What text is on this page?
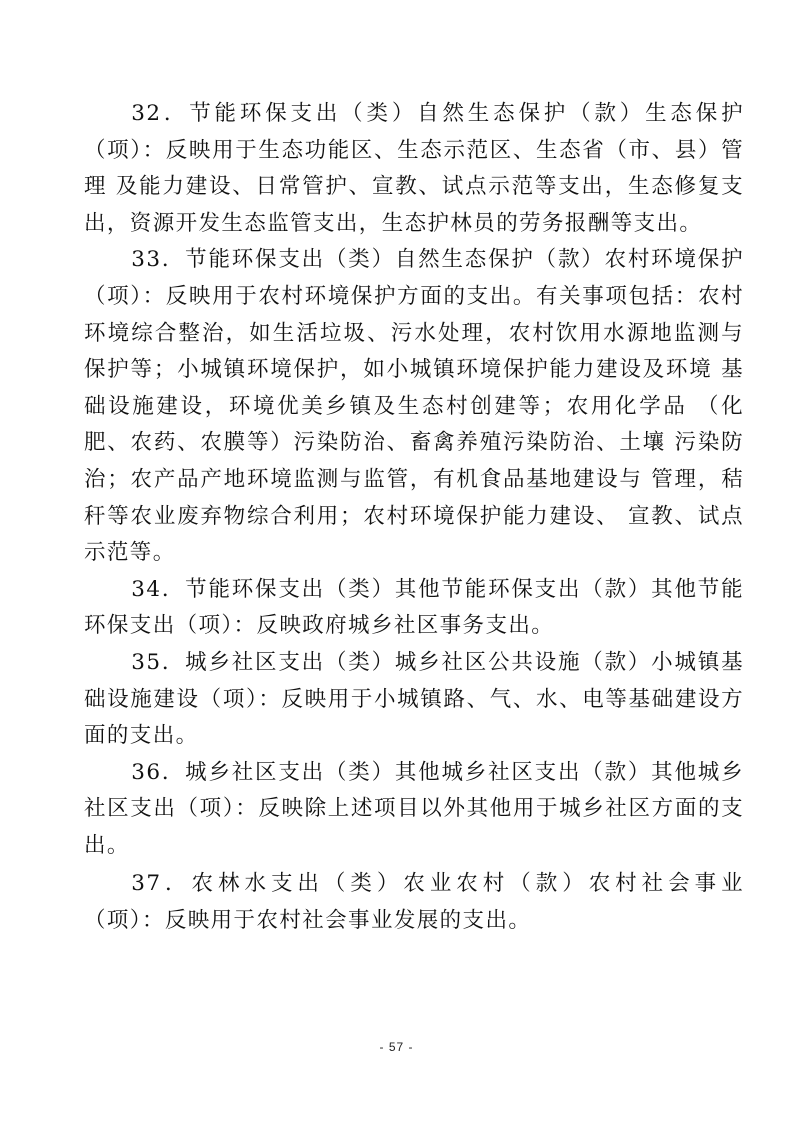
32．节能环保支出（类）自然生态保护（款）生态保护（项）：反映用于生态功能区、生态示范区、生态省（市、县）管理 及能力建设、日常管护、宣教、试点示范等支出，生态修复支 出，资源开发生态监管支出，生态护林员的劳务报酬等支出。

33．节能环保支出（类）自然生态保护（款）农村环境保护（项）：反映用于农村环境保护方面的支出。有关事项包括：农村环境综合整治，如生活垃圾、污水处理，农村饮用水源地监测与 保护等；小城镇环境保护，如小城镇环境保护能力建设及环境 基础设施建设，环境优美乡镇及生态村创建等；农用化学品 （化肥、农药、农膜等）污染防治、畜禽养殖污染防治、土壤 污染防治；农产品产地环境监测与监管，有机食品基地建设与 管理，秸秆等农业废弃物综合利用；农村环境保护能力建设、 宣教、试点示范等。

34．节能环保支出（类）其他节能环保支出（款）其他节能环保支出（项）：反映政府城乡社区事务支出。

35．城乡社区支出（类）城乡社区公共设施（款）小城镇基础设施建设（项）：反映用于小城镇路、气、水、电等基础建设方面的支出。

36．城乡社区支出（类）其他城乡社区支出（款）其他城乡社区支出（项）：反映除上述项目以外其他用于城乡社区方面的支出。

37．农林水支出（类）农业农村（款）农村社会事业（项）：反映用于农村社会事业发展的支出。

- 57 -
